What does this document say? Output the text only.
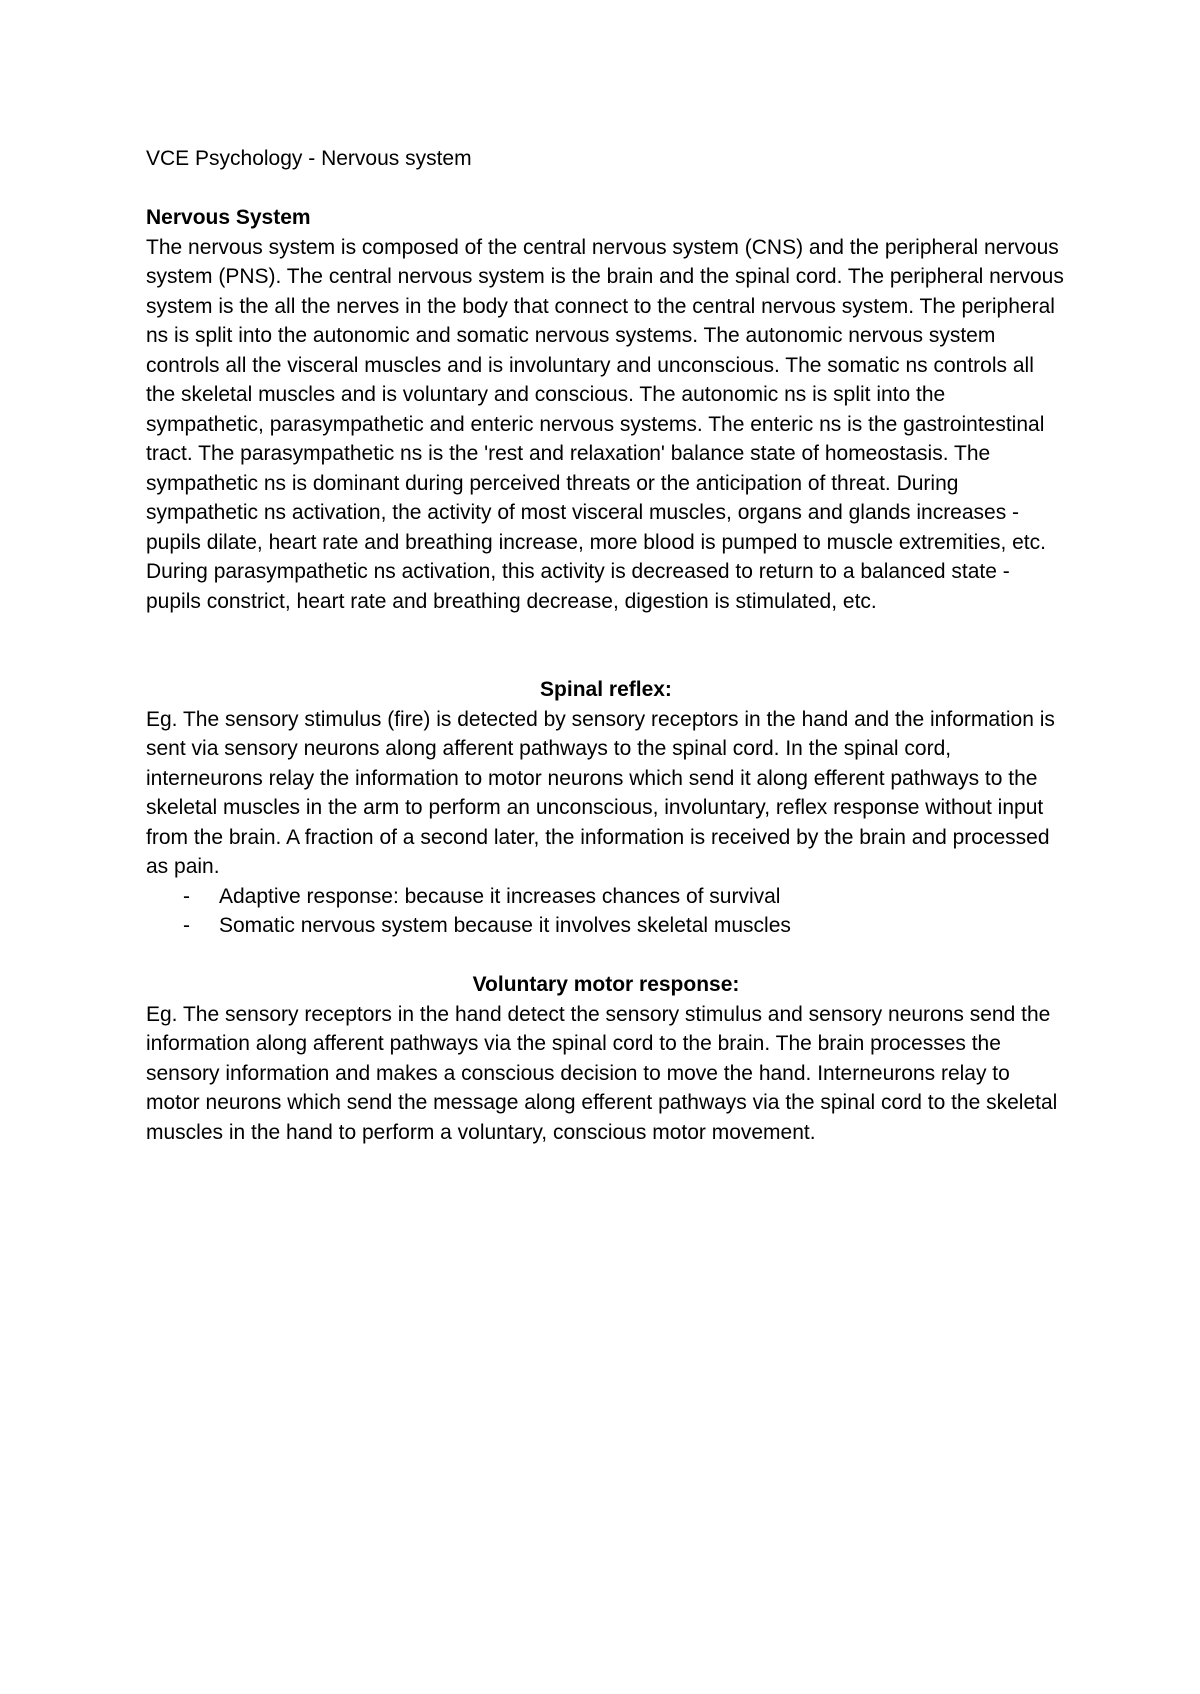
VCE Psychology - Nervous system

Nervous System

The nervous system is composed of the central nervous system (CNS) and the peripheral nervous system (PNS). The central nervous system is the brain and the spinal cord. The peripheral nervous system is the all the nerves in the body that connect to the central nervous system. The peripheral ns is split into the autonomic and somatic nervous systems. The autonomic nervous system controls all the visceral muscles and is involuntary and unconscious. The somatic ns controls all the skeletal muscles and is voluntary and conscious. The autonomic ns is split into the sympathetic, parasympathetic and enteric nervous systems. The enteric ns is the gastrointestinal tract. The parasympathetic ns is the 'rest and relaxation' balance state of homeostasis. The sympathetic ns is dominant during perceived threats or the anticipation of threat. During sympathetic ns activation, the activity of most visceral muscles, organs and glands increases - pupils dilate, heart rate and breathing increase, more blood is pumped to muscle extremities, etc. During parasympathetic ns activation, this activity is decreased to return to a balanced state - pupils constrict, heart rate and breathing decrease, digestion is stimulated, etc.

Spinal reflex:

Eg. The sensory stimulus (fire) is detected by sensory receptors in the hand and the information is sent via sensory neurons along afferent pathways to the spinal cord. In the spinal cord, interneurons relay the information to motor neurons which send it along efferent pathways to the skeletal muscles in the arm to perform an unconscious, involuntary, reflex response without input from the brain. A fraction of a second later, the information is received by the brain and processed as pain.

- Adaptive response: because it increases chances of survival
- Somatic nervous system because it involves skeletal muscles

Voluntary motor response:

Eg. The sensory receptors in the hand detect the sensory stimulus and sensory neurons send the information along afferent pathways via the spinal cord to the brain. The brain processes the sensory information and makes a conscious decision to move the hand. Interneurons relay to motor neurons which send the message along efferent pathways via the spinal cord to the skeletal muscles in the hand to perform a voluntary, conscious motor movement.
